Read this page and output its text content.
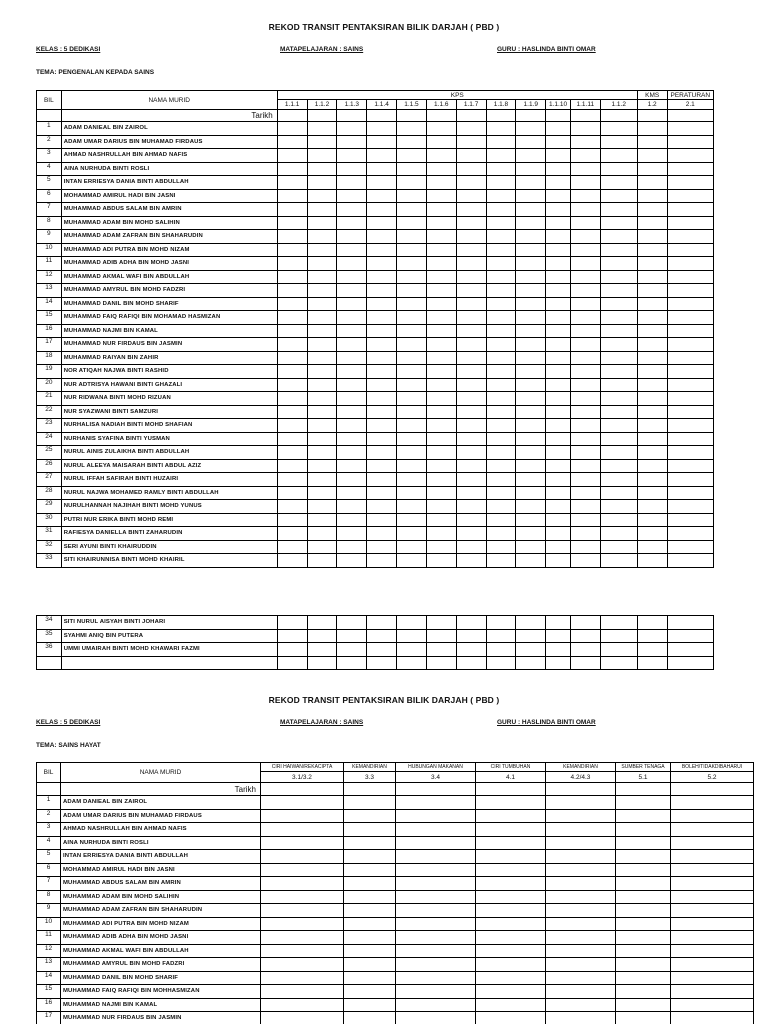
REKOD TRANSIT PENTAKSIRAN BILIK DARJAH ( PBD )
KELAS : 5 DEDIKASI	MATAPELAJARAN : SAINS	GURU : HASLINDA BINTI OMAR
TEMA: PENGENALAN KEPADA SAINS
BIL	NAMA MURID	KPS												KMS	PERATURAN
		1.1.1	1.1.2	1.1.3	1.1.4	1.1.5	1.1.6	1.1.7	1.1.8	1.1.9	1.1.10	1.1.11	1.1.2	1.2	2.1
	Tarikh														
1	ADAM DANIEAL BIN ZAIROL														
2	ADAM UMAR DARIUS BIN MUHAMAD FIRDAUS														
3	AHMAD NASHRULLAH BIN AHMAD NAFIS														
4	AINA NURHUDA BINTI ROSLI														
5	INTAN ERRIESYA DANIA BINTI ABDULLAH														
6	MOHAMMAD AMIRUL HADI BIN JASNI														
7	MUHAMMAD ABDUS SALAM BIN AMRIN														
8	MUHAMMAD ADAM BIN MOHD SALIHIN														
9	MUHAMMAD ADAM ZAFRAN BIN SHAHARUDIN														
10	MUHAMMAD ADI PUTRA BIN MOHD NIZAM														
11	MUHAMMAD ADIB ADHA BIN MOHD JASNI														
12	MUHAMMAD AKMAL WAFI BIN ABDULLAH														
13	MUHAMMAD AMYRUL BIN MOHD FADZRI														
14	MUHAMMAD DANIL BIN MOHD SHARIF														
15	MUHAMMAD FAIQ RAFIQI BIN MOHAMAD HASMIZAN														
16	MUHAMMAD NAJMI BIN KAMAL														
17	MUHAMMAD NUR FIRDAUS BIN JASMIN														
18	MUHAMMAD RAIYAN BIN ZAHIR														
19	NOR ATIQAH NAJWA BINTI RASHID														
20	NUR ADTRISYA HAWANI BINTI GHAZALI														
21	NUR RIDWANA BINTI MOHD RIZUAN														
22	NUR SYAZWANI BINTI SAMZURI														
23	NURHALISA NADIAH BINTI MOHD SHAFIAN														
24	NURHANIS SYAFINA BINTI YUSMAN														
25	NURUL AINIS ZULAIKHA BINTI ABDULLAH														
26	NURUL ALEEYA MAISARAH BINTI ABDUL AZIZ														
27	NURUL IFFAH SAFIRAH BINTI HUZAIRI														
28	NURUL NAJWA MOHAMED RAMLY BINTI ABDULLAH														
29	NURULHANNAH NAJIHAH BINTI MOHD YUNUS														
30	PUTRI NUR ERIKA BINTI MOHD REMI														
31	RAFIESYA DANIELLA BINTI ZAHARUDIN														
32	SERI AYUNI BINTI KHAIRUDDIN														
33	SITI KHAIRUNNISA BINTI MOHD KHAIRIL														
34	SITI NURUL AISYAH BINTI JOHARI														
35	SYAHMI ANIQ BIN PUTERA														
36	UMMI UMAIRAH BINTI MOHD KHAWARI FAZMI														

REKOD TRANSIT PENTAKSIRAN BILIK DARJAH ( PBD )
KELAS : 5 DEDIKASI	MATAPELAJARAN : SAINS	GURU : HASLINDA BINTI OMAR
TEMA: SAINS HAYAT
BIL	NAMA MURID	CIRI HAIWAN/REKACIPTA	KEMANDIRIAN	HUBUNGAN MAKANAN	CIRI TUMBUHAN	KEMANDIRIAN	SUMBER TENAGA	BOLEH/TIDAKDIBAHARUI
		3.1/3.2	3.3	3.4	4.1	4.2/4.3	5.1	5.2
	Tarikh							
1	ADAM DANIEAL BIN ZAIROL							
2	ADAM UMAR DARIUS BIN MUHAMAD FIRDAUS							
3	AHMAD NASHRULLAH BIN AHMAD NAFIS							
4	AINA NURHUDA BINTI ROSLI							
5	INTAN ERRIESYA DANIA BINTI ABDULLAH							
6	MOHAMMAD AMIRUL HADI BIN JASNI							
7	MUHAMMAD ABDUS SALAM BIN AMRIN							
8	MUHAMMAD ADAM BIN MOHD SALIHIN							
9	MUHAMMAD ADAM ZAFRAN BIN SHAHARUDIN							
10	MUHAMMAD ADI PUTRA BIN MOHD NIZAM							
11	MUHAMMAD ADIB ADHA BIN MOHD JASNI							
12	MUHAMMAD AKMAL WAFI BIN ABDULLAH							
13	MUHAMMAD AMYRUL BIN MOHD FADZRI							
14	MUHAMMAD DANIL BIN MOHD SHARIF							
15	MUHAMMAD FAIQ RAFIQI BIN MOHHASMIZAN							
16	MUHAMMAD NAJMI BIN KAMAL							
17	MUHAMMAD NUR FIRDAUS BIN JASMIN							
